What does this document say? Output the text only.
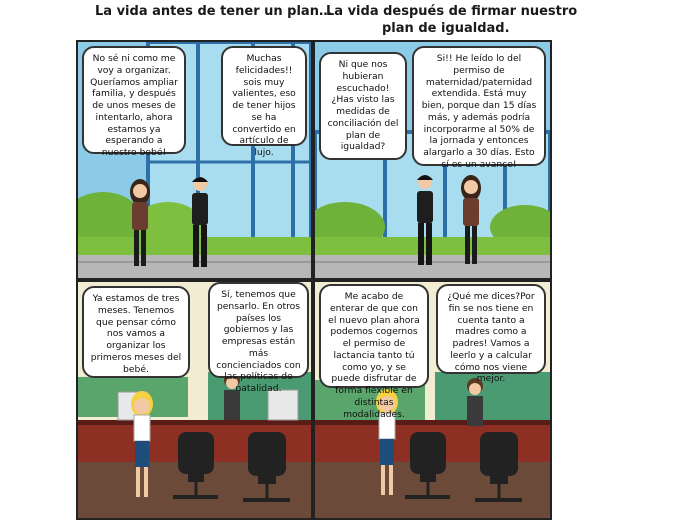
La vida antes de tener un plan…
La vida después de firmar nuestro
plan de igualdad.
No sé ni como me voy a organizar. Queríamos ampliar familia, y después de unos meses de intentarlo, ahora estamos ya esperando a nuestro bebé!
Muchas felicidades!! sois muy valientes, eso de tener hijos se ha convertido en artículo de lujo.
Ni que nos hubieran escuchado! ¿Has visto las medidas de conciliación del plan de igualdad?
Si!! He leído lo del permiso de maternidad/paternidad extendida. Está muy bien, porque dan 15 días más, y además podría incorporarme al 50% de la jornada y entonces alargarlo a 30 días. Esto sí es un avance!
Ya estamos de tres meses. Tenemos que pensar cómo nos vamos a organizar los primeros meses del bebé.
Sí, tenemos que pensarlo. En otros países los gobiernos y las empresas están más concienciados con las políticas de natalidad.
Me acabo de enterar de que con el nuevo plan ahora podemos cogernos el permiso de lactancia tanto tú como yo, y se puede disfrutar de forma flexible en distintas modalidades.
¿Qué me dices?Por fin se nos tiene en cuenta tanto a madres como a padres! Vamos a leerlo y a calcular cómo nos viene mejor.
